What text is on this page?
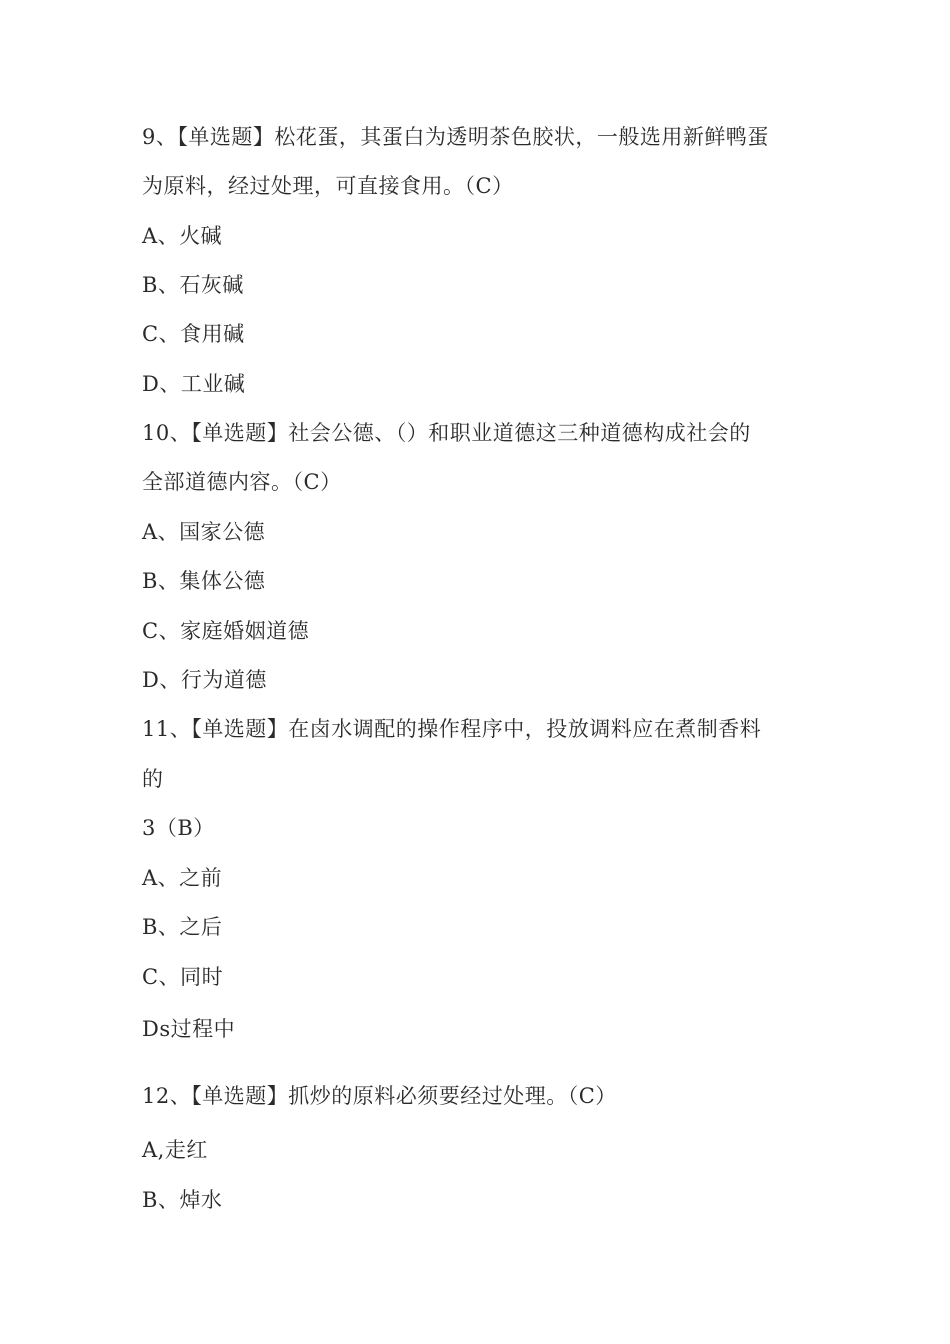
9、【单选题】松花蛋，其蛋白为透明茶色胶状，一般选用新鲜鸭蛋
为原料，经过处理，可直接食用。（C）
A、火碱
B、石灰碱
C、食用碱
D、工业碱
10、【单选题】社会公德、（）和职业道德这三种道德构成社会的
全部道德内容。（C）
A、国家公德
B、集体公德
C、家庭婚姻道德
D、行为道德
11、【单选题】在卤水调配的操作程序中，投放调料应在煮制香料
的
3（B）
A、之前
B、之后
C、同时
Ds过程中
12、【单选题】抓炒的原料必须要经过处理。（C）
A,走红
B、焯水
